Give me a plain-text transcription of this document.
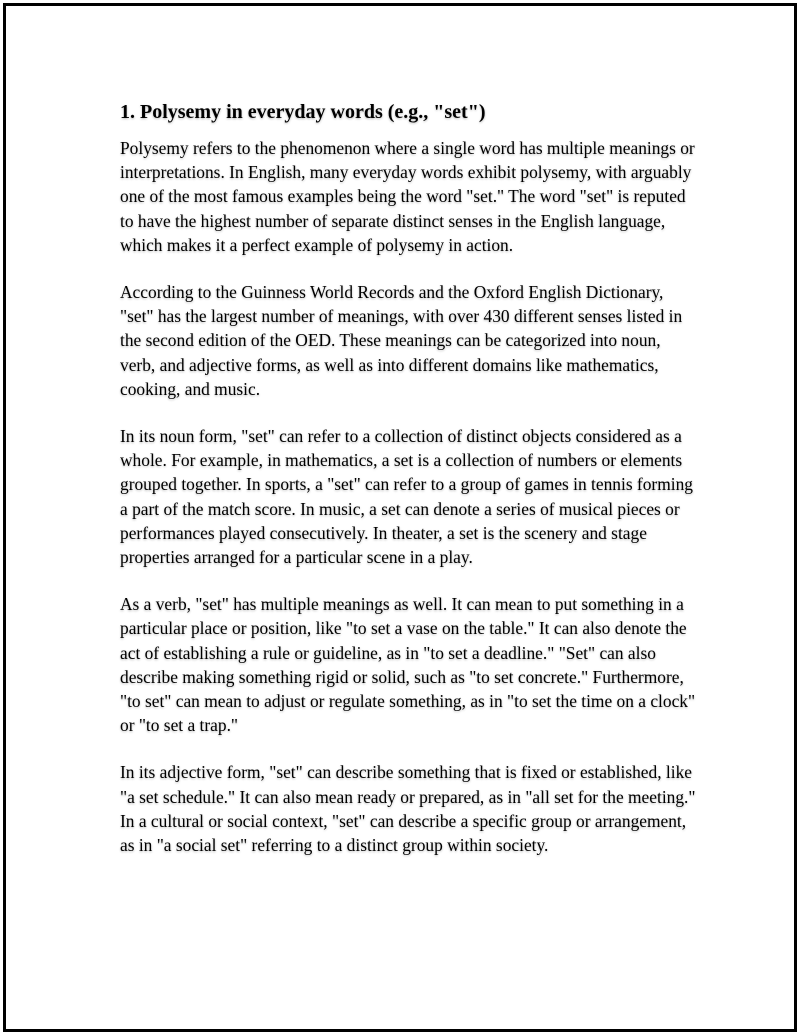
1. Polysemy in everyday words (e.g., "set")

Polysemy refers to the phenomenon where a single word has multiple meanings or interpretations. In English, many everyday words exhibit polysemy, with arguably one of the most famous examples being the word "set." The word "set" is reputed to have the highest number of separate distinct senses in the English language, which makes it a perfect example of polysemy in action.

According to the Guinness World Records and the Oxford English Dictionary, "set" has the largest number of meanings, with over 430 different senses listed in the second edition of the OED. These meanings can be categorized into noun, verb, and adjective forms, as well as into different domains like mathematics, cooking, and music.

In its noun form, "set" can refer to a collection of distinct objects considered as a whole. For example, in mathematics, a set is a collection of numbers or elements grouped together. In sports, a "set" can refer to a group of games in tennis forming a part of the match score. In music, a set can denote a series of musical pieces or performances played consecutively. In theater, a set is the scenery and stage properties arranged for a particular scene in a play.

As a verb, "set" has multiple meanings as well. It can mean to put something in a particular place or position, like "to set a vase on the table." It can also denote the act of establishing a rule or guideline, as in "to set a deadline." "Set" can also describe making something rigid or solid, such as "to set concrete." Furthermore, "to set" can mean to adjust or regulate something, as in "to set the time on a clock" or "to set a trap."

In its adjective form, "set" can describe something that is fixed or established, like "a set schedule." It can also mean ready or prepared, as in "all set for the meeting." In a cultural or social context, "set" can describe a specific group or arrangement, as in "a social set" referring to a distinct group within society.
